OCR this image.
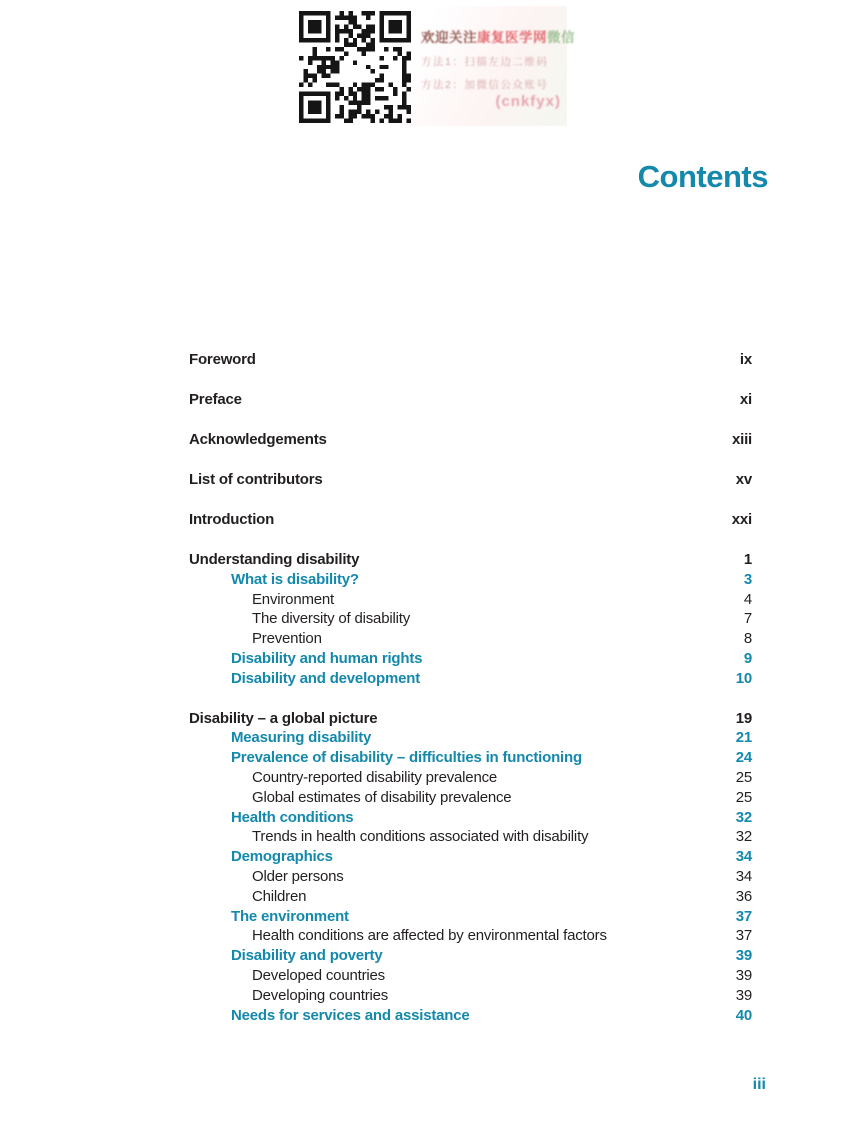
欢迎关注康复医学网微信
方法1：扫描左边二维码
方法2：加微信公众账号
(cnkfyx)
Contents
Foreword	ix
Preface	xi
Acknowledgements	xiii
List of contributors	xv
Introduction	xxi
Understanding disability	1
What is disability?	3
Environment	4
The diversity of disability	7
Prevention	8
Disability and human rights	9
Disability and development	10
Disability – a global picture	19
Measuring disability	21
Prevalence of disability – difficulties in functioning	24
Country-reported disability prevalence	25
Global estimates of disability prevalence	25
Health conditions	32
Trends in health conditions associated with disability	32
Demographics	34
Older persons	34
Children	36
The environment	37
Health conditions are affected by environmental factors	37
Disability and poverty	39
Developed countries	39
Developing countries	39
Needs for services and assistance	40
iii
